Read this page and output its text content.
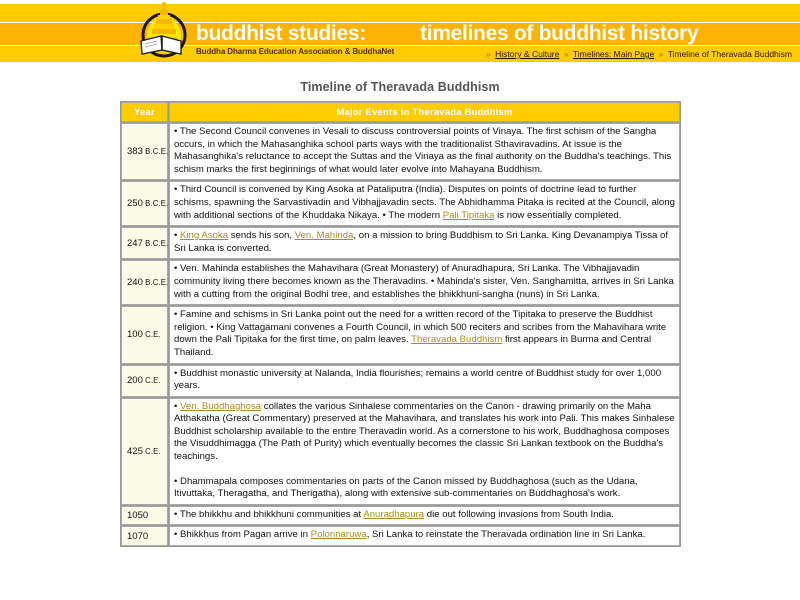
buddhist studies:
Buddha Dharma Education Association & BuddhaNet
timelines of buddhist history
» History & Culture » Timelines: Main Page » Timeline of Theravada Buddhism
Timeline of Theravada Buddhism
Year	Major Events in Theravada Buddhism
383 B.C.E.	• The Second Council convenes in Vesali to discuss controversial points of Vinaya. The first schism of the Sangha occurs, in which the Mahasanghika school parts ways with the traditionalist Sthaviravadins. At issue is the Mahasanghika's reluctance to accept the Suttas and the Vinaya as the final authority on the Buddha's teachings. This schism marks the first beginnings of what would later evolve into Mahayana Buddhism.

250 B.C.E.	• Third Council is convened by King Asoka at Pataliputra (India). Disputes on points of doctrine lead to further schisms, spawning the Sarvastivadin and Vibhajjavadin sects. The Abhidhamma Pitaka is recited at the Council, along with additional sections of the Khuddaka Nikaya. • The modern Pali Tipitaka is now essentially completed.

247 B.C.E.	• King Asoka sends his son, Ven. Mahinda, on a mission to bring Buddhism to Sri Lanka. King Devanampiya Tissa of Sri Lanka is converted.

240 B.C.E.	• Ven. Mahinda establishes the Mahavihara (Great Monastery) of Anuradhapura, Sri Lanka. The Vibhajjavadin community living there becomes known as the Theravadins. • Mahinda's sister, Ven. Sanghamitta, arrives in Sri Lanka with a cutting from the original Bodhi tree, and establishes the bhikkhuni-sangha (nuns) in Sri Lanka.

100 C.E.	• Famine and schisms in Sri Lanka point out the need for a written record of the Tipitaka to preserve the Buddhist religion. • King Vattagamani convenes a Fourth Council, in which 500 reciters and scribes from the Mahavihara write down the Pali Tipitaka for the first time, on palm leaves. Theravada Buddhism first appears in Burma and Central Thailand.

200 C.E.	• Buddhist monastic university at Nalanda, India flourishes; remains a world centre of Buddhist study for over 1,000 years.

425 C.E.	• Ven. Buddhaghosa collates the various Sinhalese commentaries on the Canon - drawing primarily on the Maha Atthakatha (Great Commentary) preserved at the Mahavihara, and translates his work into Pali. This makes Sinhalese Buddhist scholarship available to the entire Theravadin world. As a cornerstone to his work, Buddhaghosa composes the Visuddhimagga (The Path of Purity) which eventually becomes the classic Sri Lankan textbook on the Buddha's teachings.

• Dhammapala composes commentaries on parts of the Canon missed by Buddhaghosa (such as the Udana, Itivuttaka, Theragatha, and Therigatha), along with extensive sub-commentaries on Buddhaghosa's work.

1050	• The bhikkhu and bhikkhuni communities at Anuradhapura die out following invasions from South India.

1070	• Bhikkhus from Pagan arrive in Polonnaruwa, Sri Lanka to reinstate the Theravada ordination line in Sri Lanka.
